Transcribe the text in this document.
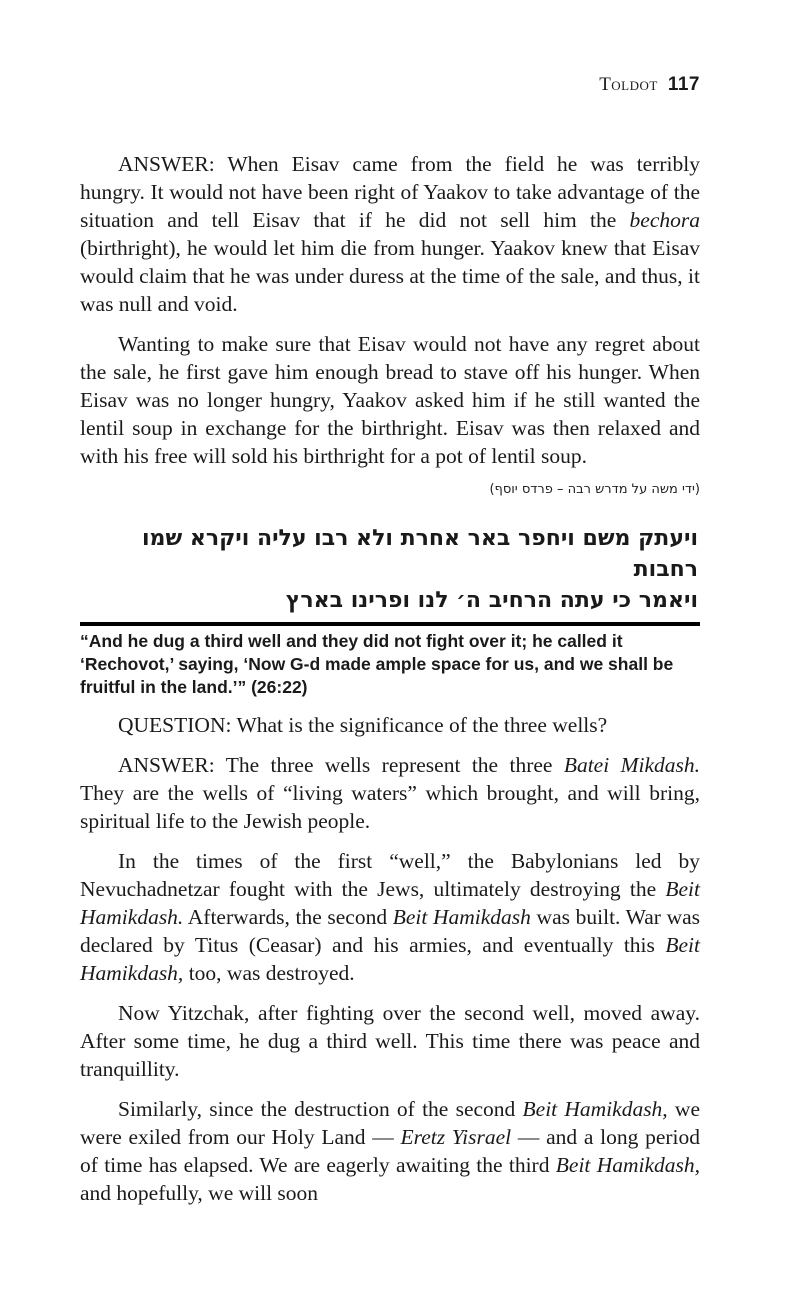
Toldot 117

ANSWER: When Eisav came from the field he was terribly hungry. It would not have been right of Yaakov to take advantage of the situation and tell Eisav that if he did not sell him the bechora (birthright), he would let him die from hunger. Yaakov knew that Eisav would claim that he was under duress at the time of the sale, and thus, it was null and void.

Wanting to make sure that Eisav would not have any regret about the sale, he first gave him enough bread to stave off his hunger. When Eisav was no longer hungry, Yaakov asked him if he still wanted the lentil soup in exchange for the birthright. Eisav was then relaxed and with his free will sold his birthright for a pot of lentil soup.

(ידי משה על מדרש רבה – פרדס יוסף)

ויעתק משם ויחפר באר אחרת ולא רבו עליה ויקרא שמו רחבות

ויאמר כי עתה הרחיב ה׳ לנו ופרינו בארץ

“And he dug a third well and they did not fight over it; he called it ‘Rechovot,’ saying, ‘Now G-d made ample space for us, and we shall be fruitful in the land.’” (26:22)

QUESTION: What is the significance of the three wells?

ANSWER: The three wells represent the three Batei Mikdash. They are the wells of “living waters” which brought, and will bring, spiritual life to the Jewish people.

In the times of the first “well,” the Babylonians led by Nevuchadnetzar fought with the Jews, ultimately destroying the Beit Hamikdash. Afterwards, the second Beit Hamikdash was built. War was declared by Titus (Ceasar) and his armies, and eventually this Beit Hamikdash, too, was destroyed.

Now Yitzchak, after fighting over the second well, moved away. After some time, he dug a third well. This time there was peace and tranquillity.

Similarly, since the destruction of the second Beit Hamikdash, we were exiled from our Holy Land — Eretz Yisrael — and a long period of time has elapsed. We are eagerly awaiting the third Beit Hamikdash, and hopefully, we will soon
